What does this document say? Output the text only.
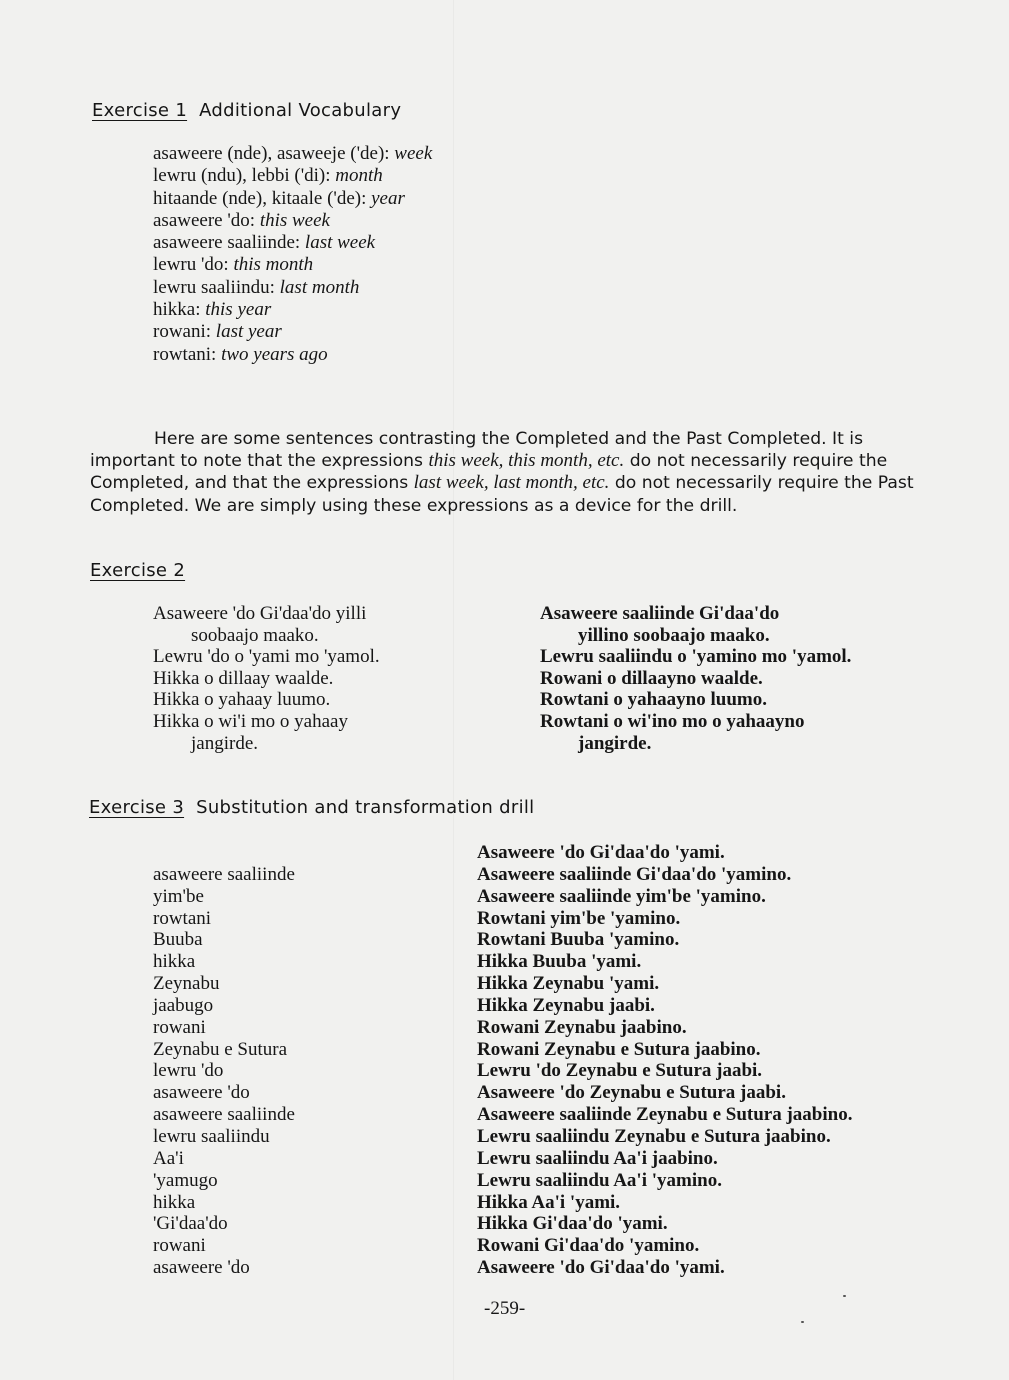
Exercise 1 Additional Vocabulary
asaweere (nde), asaweeje ('de): week
lewru (ndu), lebbi ('di): month
hitaande (nde), kitaale ('de): year
asaweere 'do: this week
asaweere saaliinde: last week
lewru 'do: this month
lewru saaliindu: last month
hikka: this year
rowani: last year
rowtani: two years ago
Here are some sentences contrasting the Completed and the Past Completed. It is important to note that the expressions this week, this month, etc. do not necessarily require the Completed, and that the expressions last week, last month, etc. do not necessarily require the Past Completed. We are simply using these expressions as a device for the drill.
Exercise 2
Asaweere 'do Gi'daa'do yilli
soobaajo maako.
Lewru 'do o 'yami mo 'yamol.
Hikka o dillaay waalde.
Hikka o yahaay luumo.
Hikka o wi'i mo o yahaay
jangirde.
Asaweere saaliinde Gi'daa'do
yillino soobaajo maako.
Lewru saaliindu o 'yamino mo 'yamol.
Rowani o dillaayno waalde.
Rowtani o yahaayno luumo.
Rowtani o wi'ino mo o yahaayno
jangirde.
Exercise 3 Substitution and transformation drill
asaweere saaliinde
yim'be
rowtani
Buuba
hikka
Zeynabu
jaabugo
rowani
Zeynabu e Sutura
lewru 'do
asaweere 'do
asaweere saaliinde
lewru saaliindu
Aa'i
'yamugo
hikka
'Gi'daa'do
rowani
asaweere 'do
Asaweere 'do Gi'daa'do 'yami.
Asaweere saaliinde Gi'daa'do 'yamino.
Asaweere saaliinde yim'be 'yamino.
Rowtani yim'be 'yamino.
Rowtani Buuba 'yamino.
Hikka Buuba 'yami.
Hikka Zeynabu 'yami.
Hikka Zeynabu jaabi.
Rowani Zeynabu jaabino.
Rowani Zeynabu e Sutura jaabino.
Lewru 'do Zeynabu e Sutura jaabi.
Asaweere 'do Zeynabu e Sutura jaabi.
Asaweere saaliinde Zeynabu e Sutura jaabino.
Lewru saaliindu Zeynabu e Sutura jaabino.
Lewru saaliindu Aa'i jaabino.
Lewru saaliindu Aa'i 'yamino.
Hikka Aa'i 'yami.
Hikka Gi'daa'do 'yami.
Rowani Gi'daa'do 'yamino.
Asaweere 'do Gi'daa'do 'yami.
-259-
